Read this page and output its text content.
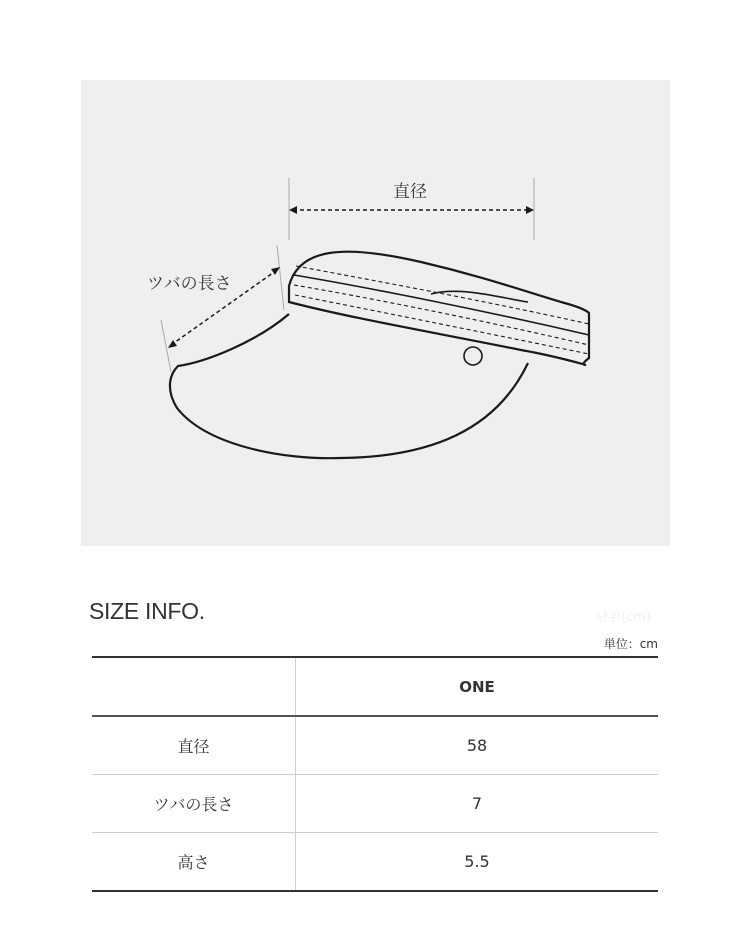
直径
ツバの長さ
SIZE INFO.	단위(cm)
単位：cm
	ONE
直径	58
ツバの長さ	7
高さ	5.5
